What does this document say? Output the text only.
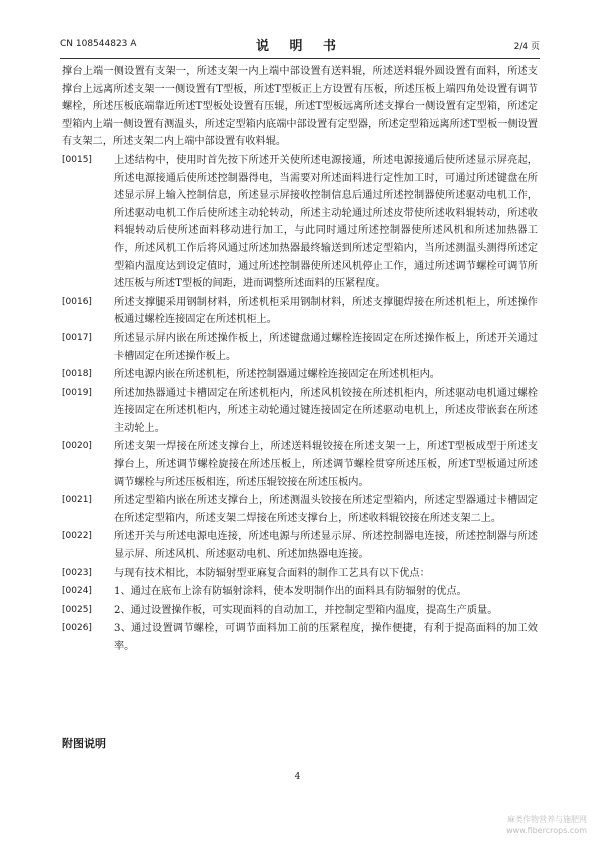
CN 108544823 A	说 明 书	2/4 页
撑台上端一侧设置有支架一，所述支架一内上端中部设置有送料辊，所述送料辊外圆设置有面料，所述支撑台上远离所述支架一一侧设置有T型板，所述T型板正上方设置有压板，所述压板上端四角处设置有调节螺栓，所述压板底端靠近所述T型板处设置有压辊，所述T型板远离所述支撑台一侧设置有定型箱，所述定型箱内上端一侧设置有测温头，所述定型箱内底端中部设置有定型器，所述定型箱远离所述T型板一侧设置有支架二，所述支架二内上端中部设置有收料辊。
[0015]	上述结构中，使用时首先按下所述开关使所述电源接通，所述电源接通后使所述显示屏亮起，所述电源接通后使所述控制器得电，当需要对所述面料进行定性加工时，可通过所述键盘在所述显示屏上输入控制信息，所述显示屏接收控制信息后通过所述控制器使所述驱动电机工作，所述驱动电机工作后使所述主动轮转动，所述主动轮通过所述皮带使所述收料辊转动，所述收料辊转动后使所述面料移动进行加工，与此同时通过所述控制器使所述风机和所述加热器工作，所述风机工作后将风通过所述加热器最终输送到所述定型箱内，当所述测温头测得所述定型箱内温度达到设定值时，通过所述控制器使所述风机停止工作，通过所述调节螺栓可调节所述压板与所述T型板的间距，进而调整所述面料的压紧程度。
[0016]	所述支撑腿采用钢制材料，所述机柜采用钢制材料，所述支撑腿焊接在所述机柜上，所述操作板通过螺栓连接固定在所述机柜上。
[0017]	所述显示屏内嵌在所述操作板上，所述键盘通过螺栓连接固定在所述操作板上，所述开关通过卡槽固定在所述操作板上。
[0018]	所述电源内嵌在所述机柜，所述控制器通过螺栓连接固定在所述机柜内。
[0019]	所述加热器通过卡槽固定在所述机柜内，所述风机铰接在所述机柜内，所述驱动电机通过螺栓连接固定在所述机柜内，所述主动轮通过键连接固定在所述驱动电机上，所述皮带嵌套在所述主动轮上。
[0020]	所述支架一焊接在所述支撑台上，所述送料辊铰接在所述支架一上，所述T型板成型于所述支撑台上，所述调节螺栓旋接在所述压板上，所述调节螺栓贯穿所述压板，所述T型板通过所述调节螺栓与所述压板相连，所述压辊铰接在所述压板内。
[0021]	所述定型箱内嵌在所述支撑台上，所述测温头铰接在所述定型箱内，所述定型器通过卡槽固定在所述定型箱内，所述支架二焊接在所述支撑台上，所述收料辊铰接在所述支架二上。
[0022]	所述开关与所述电源电连接，所述电源与所述显示屏、所述控制器电连接，所述控制器与所述显示屏、所述风机、所述驱动电机、所述加热器电连接。
[0023]	与现有技术相比，本防辐射型亚麻复合面料的制作工艺具有以下优点：
[0024]	1、通过在底布上涂有防辐射涂料，使本发明制作出的面料具有防辐射的优点。
[0025]	2、通过设置操作板，可实现面料的自动加工，并控制定型箱内温度，提高生产质量。
[0026]	3、通过设置调节螺栓，可调节面料加工前的压紧程度，操作便捷，有利于提高面料的加工效率。
附图说明
4
麻类作物营养与施肥网
www.fibercrops.com
